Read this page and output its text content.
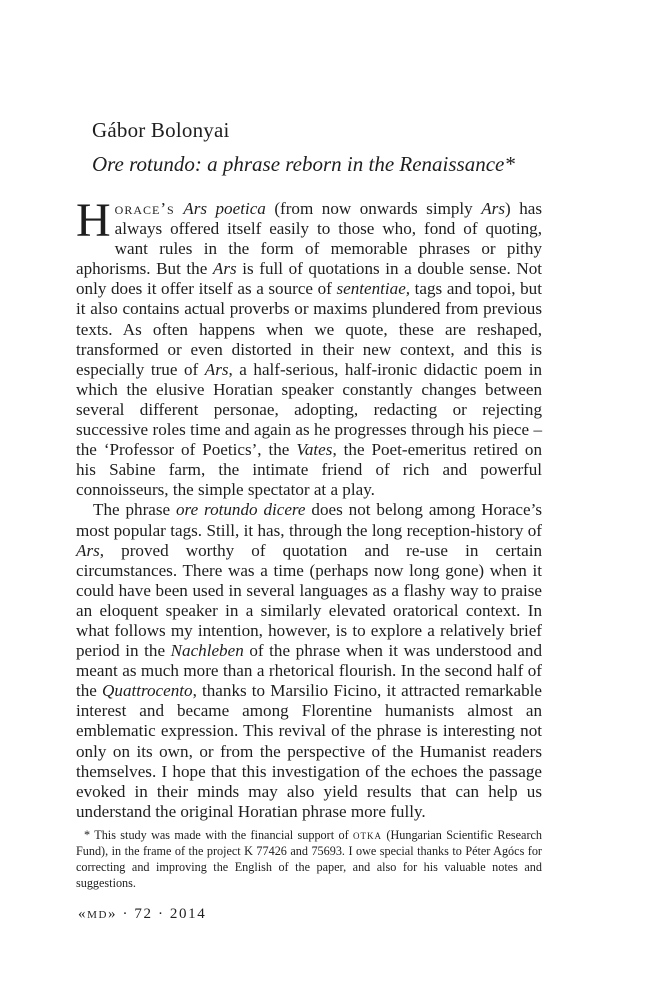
Gábor Bolonyai
Ore rotundo: a phrase reborn in the Renaissance*

Horace’s Ars poetica (from now onwards simply Ars) has always offered itself easily to those who, fond of quoting, want rules in the form of memorable phrases or pithy aphorisms. But the Ars is full of quotations in a double sense. Not only does it offer itself as a source of sententiae, tags and topoi, but it also contains actual proverbs or maxims plundered from previous texts. As often happens when we quote, these are reshaped, transformed or even distorted in their new context, and this is especially true of Ars, a half-serious, half-ironic didactic poem in which the elusive Horatian speaker constantly changes between several different personae, adopting, redacting or rejecting successive roles time and again as he progresses through his piece – the ‘Professor of Poetics’, the Vates, the Poet-emeritus retired on his Sabine farm, the intimate friend of rich and powerful connoisseurs, the simple spectator at a play.

The phrase ore rotundo dicere does not belong among Horace’s most popular tags. Still, it has, through the long reception-history of Ars, proved worthy of quotation and re-use in certain circumstances. There was a time (perhaps now long gone) when it could have been used in several languages as a flashy way to praise an eloquent speaker in a similarly elevated oratorical context. In what follows my intention, however, is to explore a relatively brief period in the Nachleben of the phrase when it was understood and meant as much more than a rhetorical flourish. In the second half of the Quattrocento, thanks to Marsilio Ficino, it attracted remarkable interest and became among Florentine humanists almost an emblematic expression. This revival of the phrase is interesting not only on its own, or from the perspective of the Humanist readers themselves. I hope that this investigation of the echoes the passage evoked in their minds may also yield results that can help us understand the original Horatian phrase more fully.

* This study was made with the financial support of otka (Hungarian Scientific Research Fund), in the frame of the project K 77426 and 75693. I owe special thanks to Péter Agócs for correcting and improving the English of the paper, and also for his valuable notes and suggestions.
«md» · 72 · 2014
